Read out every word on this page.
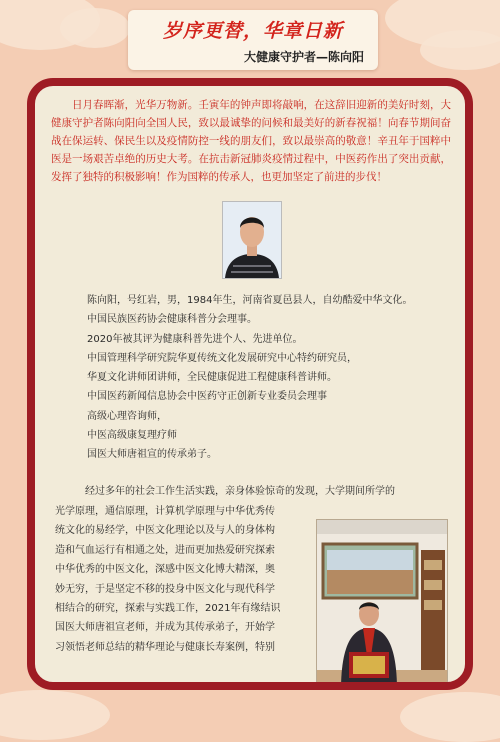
岁序更替，华章日新
大健康守护者—陈向阳

日月春晖渐，光华万物新。壬寅年的钟声即将敲响，在这辞旧迎新的美好时刻，大健康守护者陈向阳向全国人民，致以最诚挚的问候和最美好的新春祝福！向春节期间奋战在保运转、保民生以及疫情防控一线的朋友们，致以最崇高的敬意！辛丑年于国粹中医是一场艰苦卓绝的历史大考。在抗击新冠肺炎疫情过程中，中医药作出了突出贡献，发挥了独特的积极影响！作为国粹的传承人，也更加坚定了前进的步伐！

陈向阳，号红岩，男，1984年生，河南省夏邑县人，自幼酷爱中华文化。
中国民族医药协会健康科普分会理事。
2020年被其评为健康科普先进个人、先进单位。
中国管理科学研究院华夏传统文化发展研究中心特约研究员，
华夏文化讲师团讲师，全民健康促进工程健康科普讲师。
中国医药新闻信息协会中医药守正创新专业委员会理事
高级心理咨询师，
中医高级康复理疗师
国医大师唐祖宣的传承弟子。

经过多年的社会工作生活实践，亲身体验惊奇的发现，大学期间所学的

光学原理，通信原理，计算机学原理与中华优秀传
统文化的易经学，中医文化理论以及与人的身体构
造和气血运行有相通之处，进而更加热爱研究探索
中华优秀的中医文化，深感中医文化博大精深，奥
妙无穷，于是坚定不移的投身中医文化与现代科学
相结合的研究，探索与实践工作，2021年有缘结识
国医大师唐祖宣老师，并成为其传承弟子，开始学
习领悟老师总结的精华理论与健康长寿案例，特别
